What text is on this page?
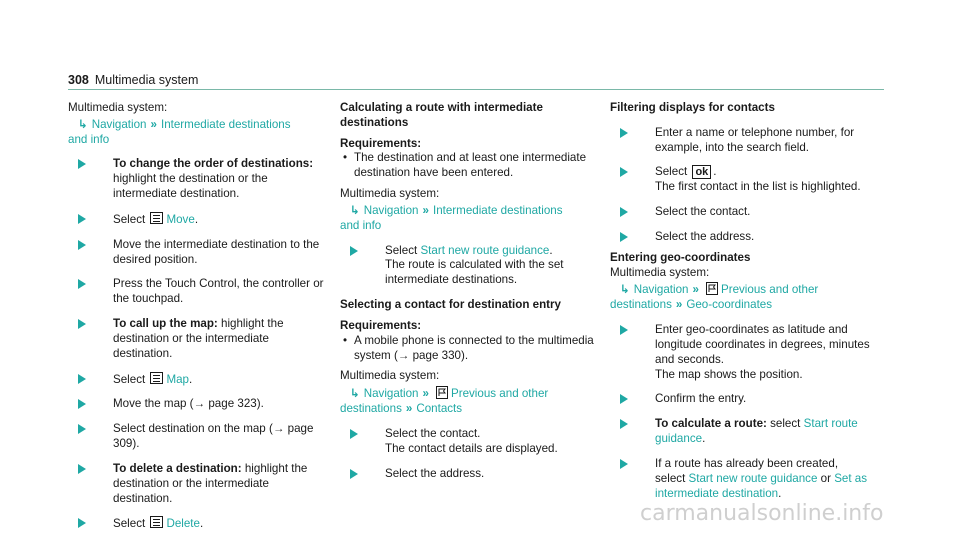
308 Multimedia system
Multimedia system:
↳ Navigation » Intermediate destinations
and info
To change the order of destinations: highlight the destination or the intermediate destination.
Select
Move.
Move the intermediate destination to the desired position.
Press the Touch Control, the controller or the touchpad.
To call up the map: highlight the destination or the intermediate destination.
Select
Map.
Move the map (→ page 323).
Select destination on the map (→ page 309).
To delete a destination: highlight the destination or the intermediate destination.
Select
Delete.
Calculating a route with intermediate destinations
Requirements:
• The destination and at least one intermediate destination have been entered.
Multimedia system:
↳ Navigation » Intermediate destinations
and info
Select Start new route guidance.
The route is calculated with the set intermediate destinations.
Selecting a contact for destination entry
Requirements:
• A mobile phone is connected to the multimedia system (→ page 330).
Multimedia system:
↳ Navigation » Previous and other
destinations » Contacts
Select the contact.
The contact details are displayed.
Select the address.
Filtering displays for contacts
Enter a name or telephone number, for example, into the search field.
Select ok .
The first contact in the list is highlighted.
Select the contact.
Select the address.
Entering geo-coordinates
Multimedia system:
↳ Navigation » Previous and other
destinations » Geo-coordinates
Enter geo-coordinates as latitude and longitude coordinates in degrees, minutes and seconds.
The map shows the position.
Confirm the entry.
To calculate a route: select Start route guidance.
If a route has already been created, select Start new route guidance or Set as intermediate destination.
carmanualsonline.info
